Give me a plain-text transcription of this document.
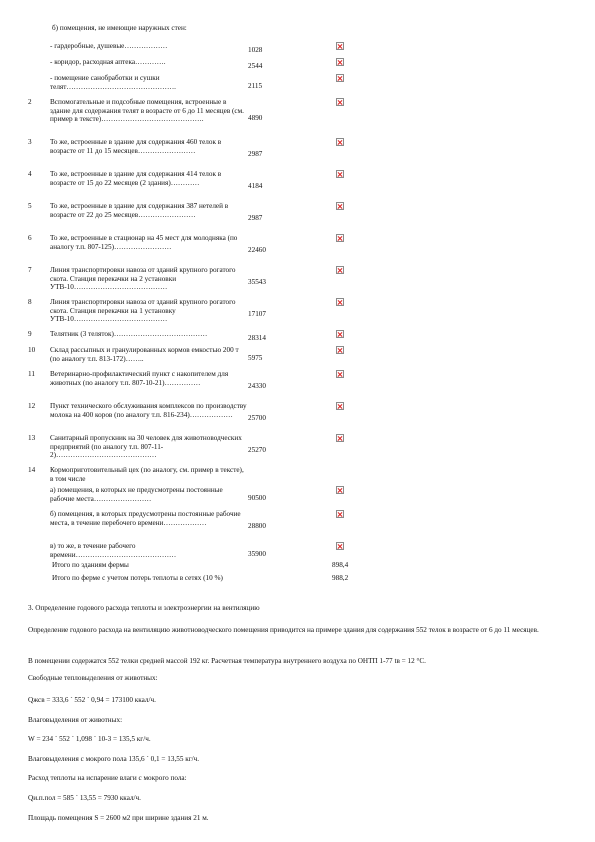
б) помещения, не имеющие наружных стен:
	- гардеробные, душевые………………	1028	
	- коридор, расходная аптека………….	2544	
	- помещение санобработки и сушки телят……………………………………….	2115	
2	Вспомогательные и подсобные помещения, встроенные в здание для содержания телят в возрасте от 6 до 11 месяцев (см. пример в тексте)…………………………………….	4890	
3	То же, встроенные в здание для содержания 460 телок в возрасте от 11 до 15 месяцев……………………	2987	
4	То же, встроенные в здание для содержания 414 телок в возрасте от 15 до 22 месяцев (2 здания)…………	4184	
5	То же, встроенные в здание для содержания 387 нетелей в возрасте от 22 до 25 месяцев……………………	2987	
6	То же, встроенные в стационар на 45 мест для молодняка (по аналогу т.п. 807-125)……………………	22460	
7	Линия транспортировки навоза от зданий крупного рогатого скота. Станция перекачки на 2 установки УТВ-10…………………………………	35543	
8	Линия транспортировки навоза от зданий крупного рогатого скота. Станция перекачки на 1 установку УТВ-10…………………………………	17107	
9	Телятник (3 теляток)…………………………………	28314	
10	Склад рассыпных и гранулированных кормов емкостью 200 т (по аналогу т.п. 813-172)……..	5975	
11	Ветеринарно-профилактический пункт с накопителем для животных (по аналогу т.п. 807-10-21)……………	24330	
12	Пункт технического обслуживания комплексов по производству молока на 400 коров (по аналогу т.п. 816-234)………………	25700	
13	Санитарный пропускник на 30 человек для животноводческих предприятий (по аналогу т.п. 807-11-2)……………………………………	25270	
14	Кормоприготовительный цех (по аналогу, см. пример в тексте), в том числе		
	а) помещения, в которых не предусмотрены постоянные рабочие места……………………	90500	
	б) помещения, в которых предусмотрены постоянные рабочие места, в течение перебочего времени………………	28800	
	в) то же, в течение рабочего времени……………………………………	35900	
Итого по зданиям фермы	898,4
Итого по ферме с учетом потерь теплоты в сетях (10 %)	988,2
3. Определение годового расхода теплоты и электроэнергии на вентиляцию
Определение годового расхода на вентиляцию животноводческого помещения приводится на примере здания для содержания 552 телок в возрасте от 6 до 11 месяцев.
В помещении содержатся 552 телки средней массой 192 кг. Расчетная температура внутреннего воздуха по ОНТП 1-77 tв = 12 °С.
Свободные тепловыделения от животных:
Qжсв = 333,6 ´ 552 ´ 0,94 = 173100 ккал/ч.
Влаговыделения от животных:
W = 234 ´ 552 ´ 1,098 ´ 10-3 = 135,5 кг/ч.
Влаговыделения с мокрого пола 135,6 ´ 0,1 = 13,55 кг/ч.
Расход теплоты на испарение влаги с мокрого пола:
Qи.п.пол = 585 ´ 13,55 = 7930 ккал/ч.
Площадь помещения S = 2600 м2 при ширине здания 21 м.
